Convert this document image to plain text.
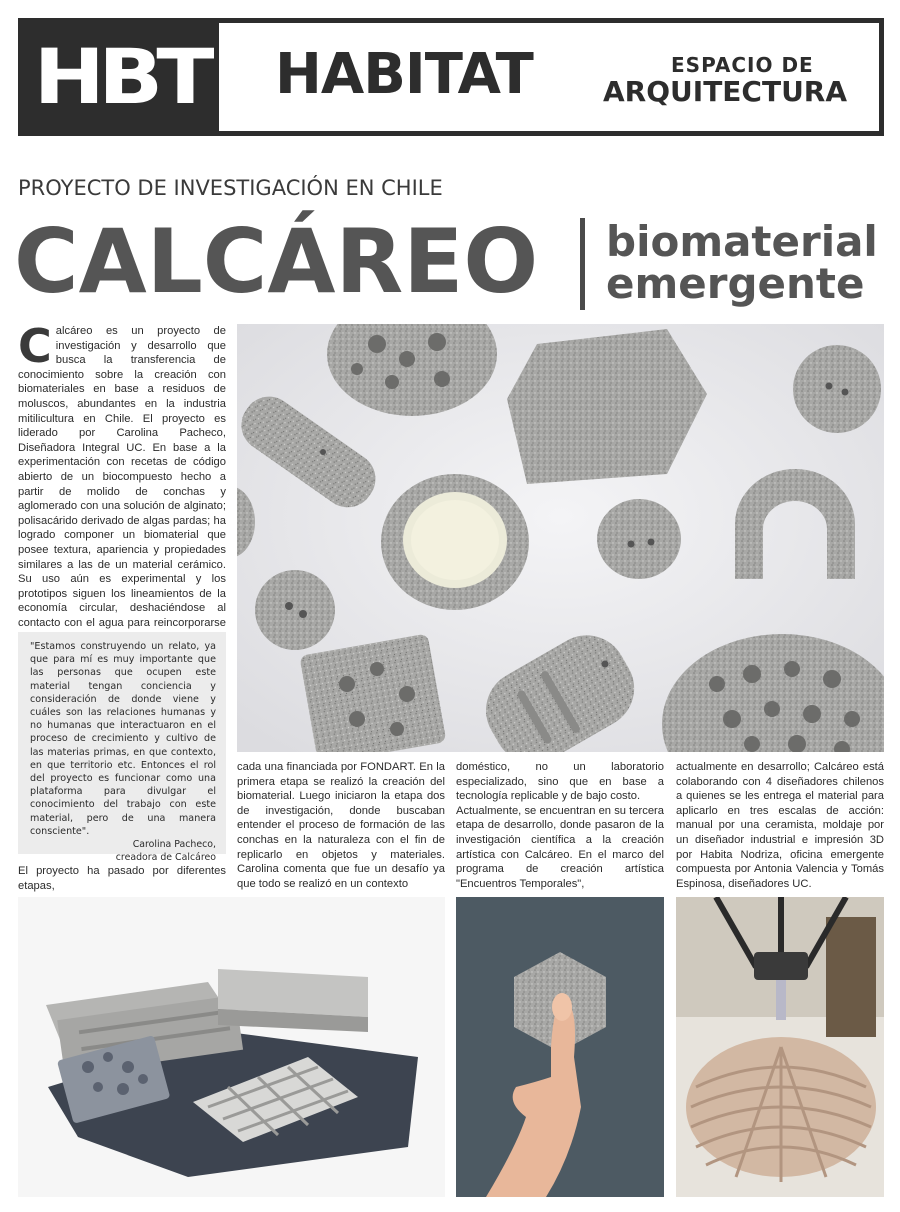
HBT HABITAT	ESPACIO DE
ARQUITECTURA
PROYECTO DE INVESTIGACIÓN EN CHILE
CALCÁREO biomaterial
emergente
Calcáreo es un proyecto de investigación y desarrollo que busca la transferencia de conocimiento sobre la creación con biomateriales en base a residuos de moluscos, abundantes en la industria mitilicultura en Chile. El proyecto es liderado por Carolina Pacheco, Diseñadora Integral UC. En base a la experimentación con recetas de código abierto de un biocompuesto hecho a partir de molido de conchas y aglomerado con una solución de alginato; polisacárido derivado de algas pardas; ha logrado componer un biomaterial que posee textura, apariencia y propiedades similares a las de un material cerámico. Su uso aún es experimental y los prototipos siguen los lineamientos de la economía circular, deshaciéndose al contacto con el agua para reincorporarse

"Estamos construyendo un relato, ya que para mí es muy importante que las personas que ocupen este material tengan conciencia y consideración de donde viene y cuáles son las relaciones humanas y no humanas que interactuaron en el proceso de crecimiento y cultivo de las materias primas, en que contexto, en que territorio etc. Entonces el rol del proyecto es funcionar como una plataforma para divulgar el conocimiento del trabajo con este material, pero de una manera consciente".

Carolina Pacheco,

creadora de Calcáreo

El proyecto ha pasado por diferentes etapas,
cada una financiada por FONDART. En la primera etapa se realizó la creación del biomaterial. Luego iniciaron la etapa dos de investigación, donde buscaban entender el proceso de formación de las conchas en la naturaleza con el fin de replicarlo en objetos y materiales. Carolina comenta que fue un desafío ya que todo se realizó en un contexto

doméstico, no un laboratorio especializado, sino que en base a tecnología replicable y de bajo costo.

Actualmente, se encuentran en su tercera etapa de desarrollo, donde pasaron de la investigación científica a la creación artística con Calcáreo. En el marco del programa de creación artística "Encuentros Temporales",

actualmente en desarrollo; Calcáreo está colaborando con 4 diseñadores chilenos a quienes se les entrega el material para aplicarlo en tres escalas de acción: manual por una ceramista, moldaje por un diseñador industrial e impresión 3D por Habita Nodriza, oficina emergente compuesta por Antonia Valencia y Tomás Espinosa, diseñadores UC.
